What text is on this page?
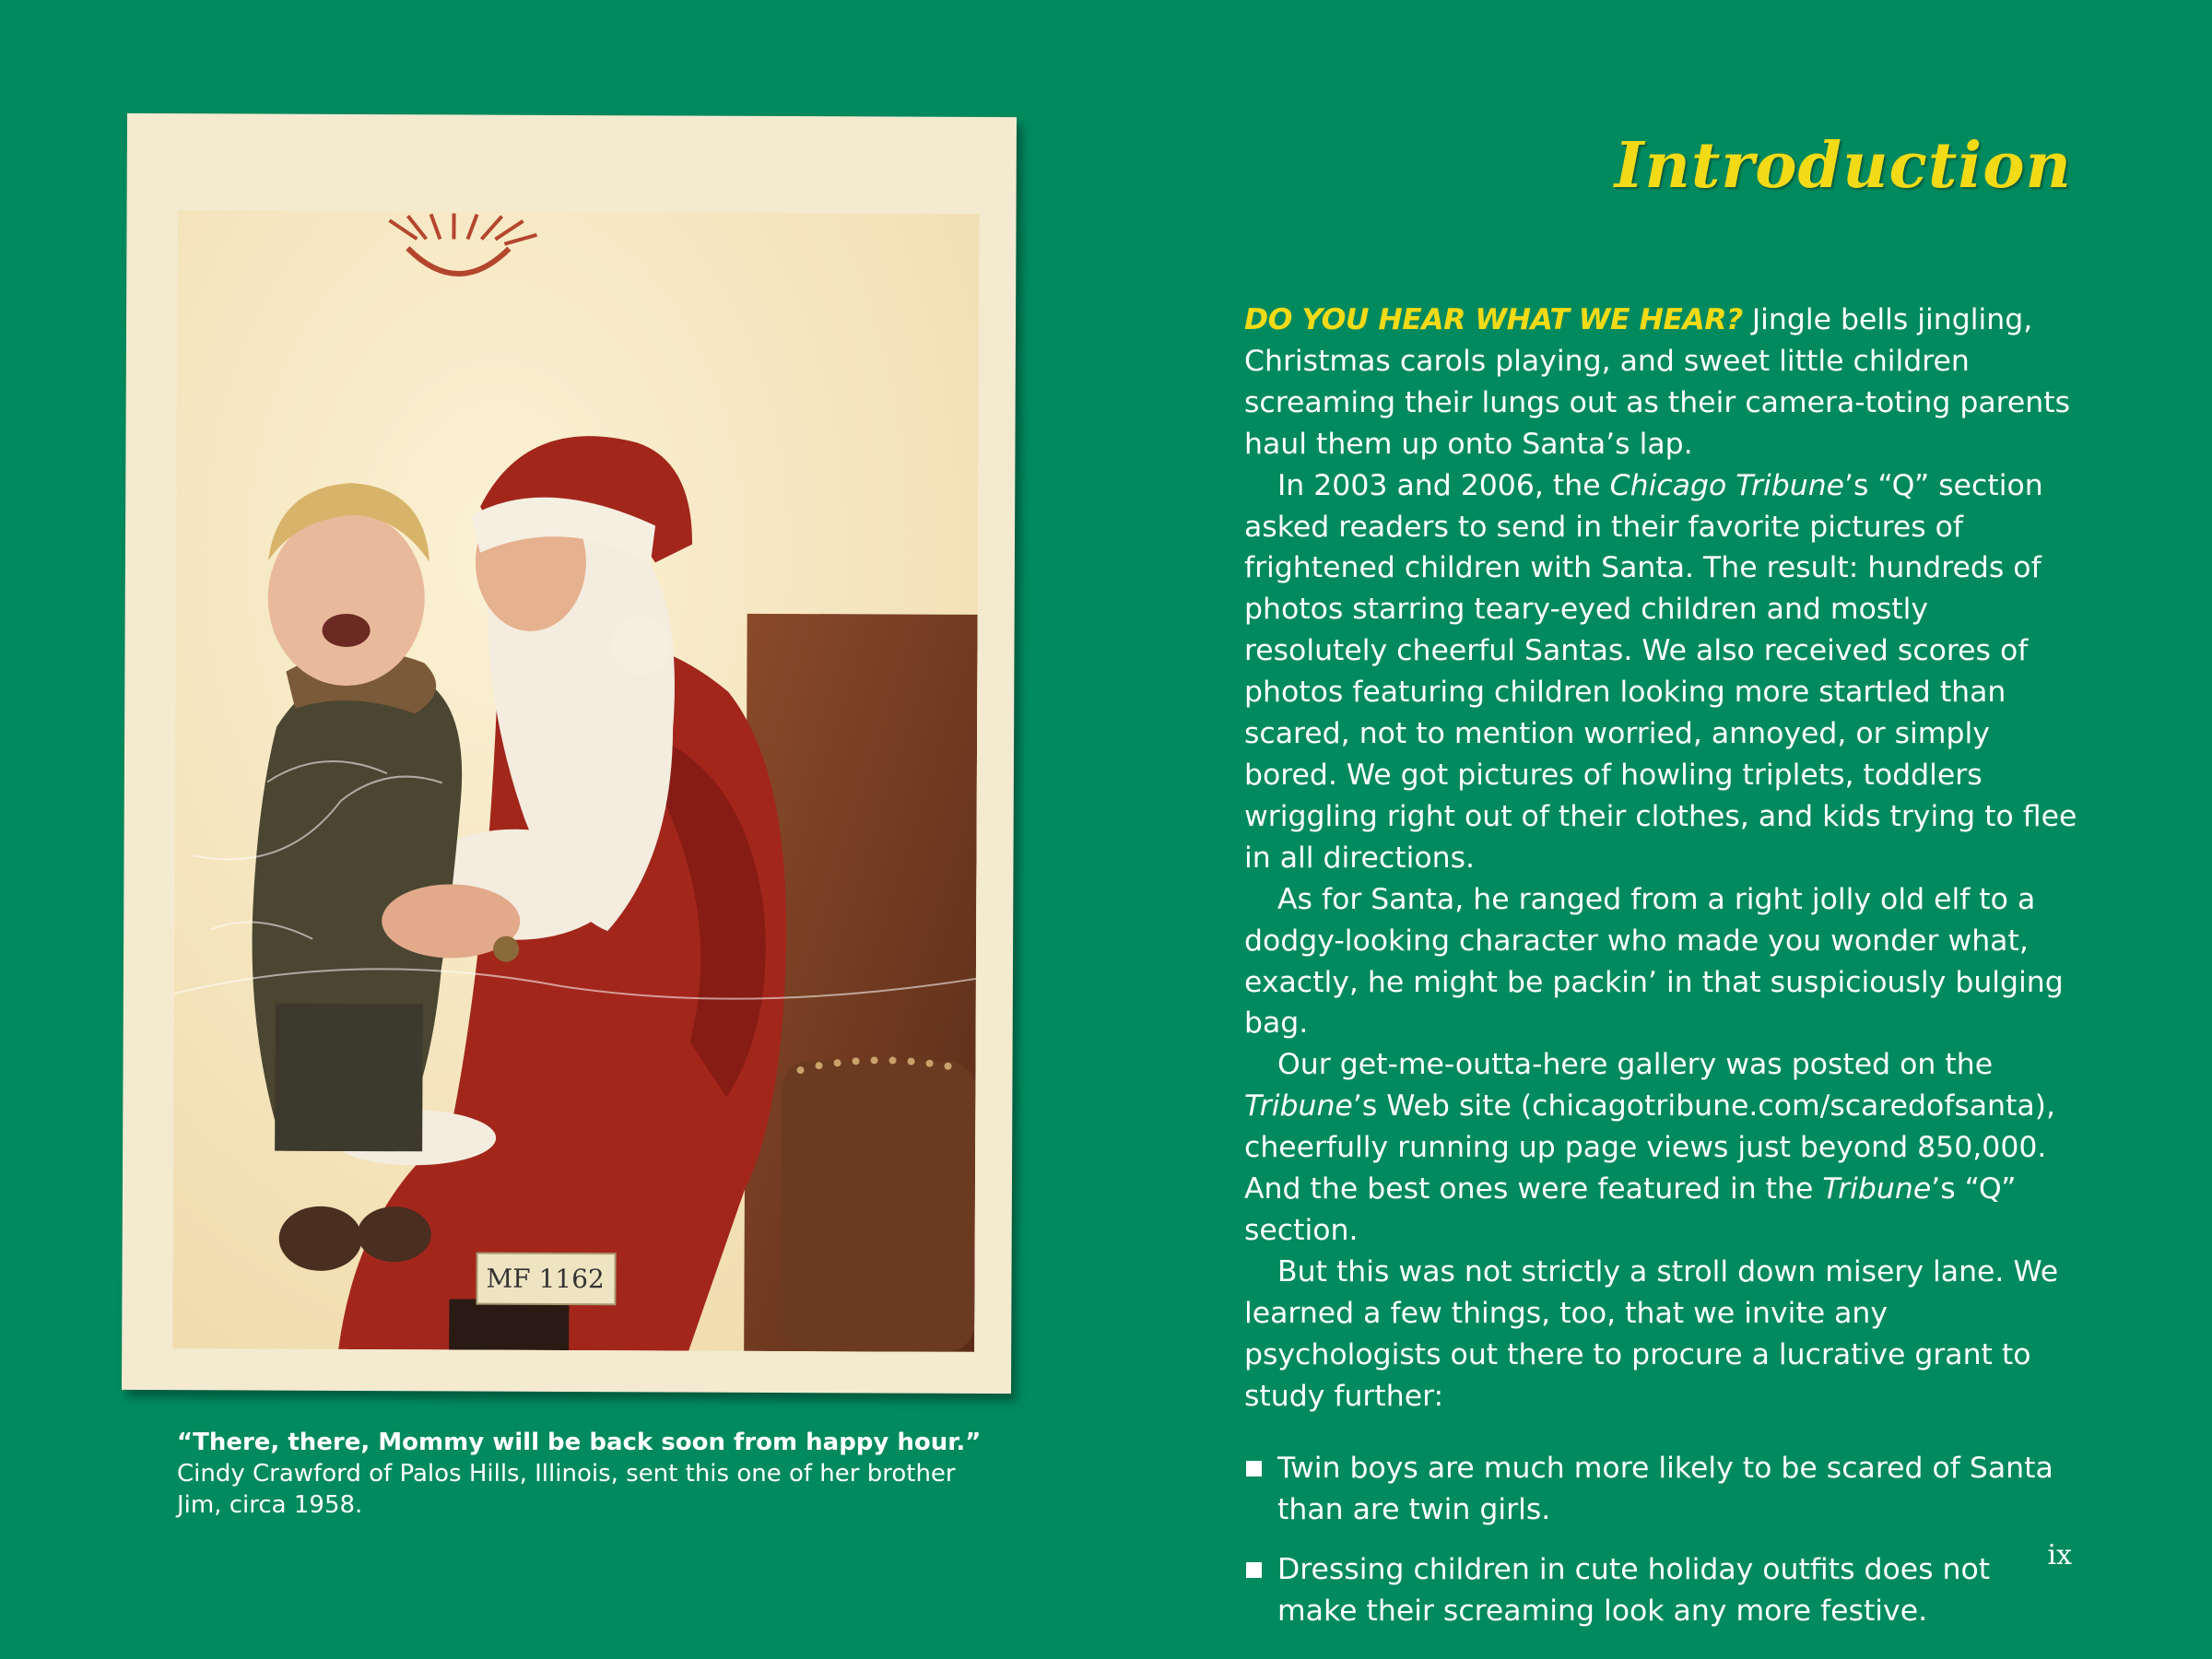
MF 1162
“There, there, Mommy will be back soon from happy hour.”
Cindy Crawford of Palos Hills, Illinois, sent this one of her brother Jim, circa 1958.
Introduction

DO YOU HEAR WHAT WE HEAR? Jingle bells jingling, Christmas carols playing, and sweet little children screaming their lungs out as their camera-toting parents haul them up onto Santa’s lap.

In 2003 and 2006, the Chicago Tribune’s “Q” section asked readers to send in their favorite pictures of frightened children with Santa. The result: hundreds of photos starring teary-eyed children and mostly resolutely cheerful Santas. We also received scores of photos featuring children looking more startled than scared, not to mention worried, annoyed, or simply bored. We got pictures of howling triplets, toddlers wriggling right out of their clothes, and kids trying to flee in all directions.

As for Santa, he ranged from a right jolly old elf to a dodgy-looking character who made you wonder what, exactly, he might be packin’ in that suspiciously bulging bag.

Our get-me-outta-here gallery was posted on the Tribune’s Web site (chicagotribune.com/scaredofsanta), cheerfully running up page views just beyond 850,000. And the best ones were featured in the Tribune’s “Q” section.

But this was not strictly a stroll down misery lane. We learned a few things, too, that we invite any psychologists out there to procure a lucrative grant to study further:

Twin boys are much more likely to be scared of Santa than are twin girls.
Dressing children in cute holiday outfits does not make their screaming look any more festive.
ix
